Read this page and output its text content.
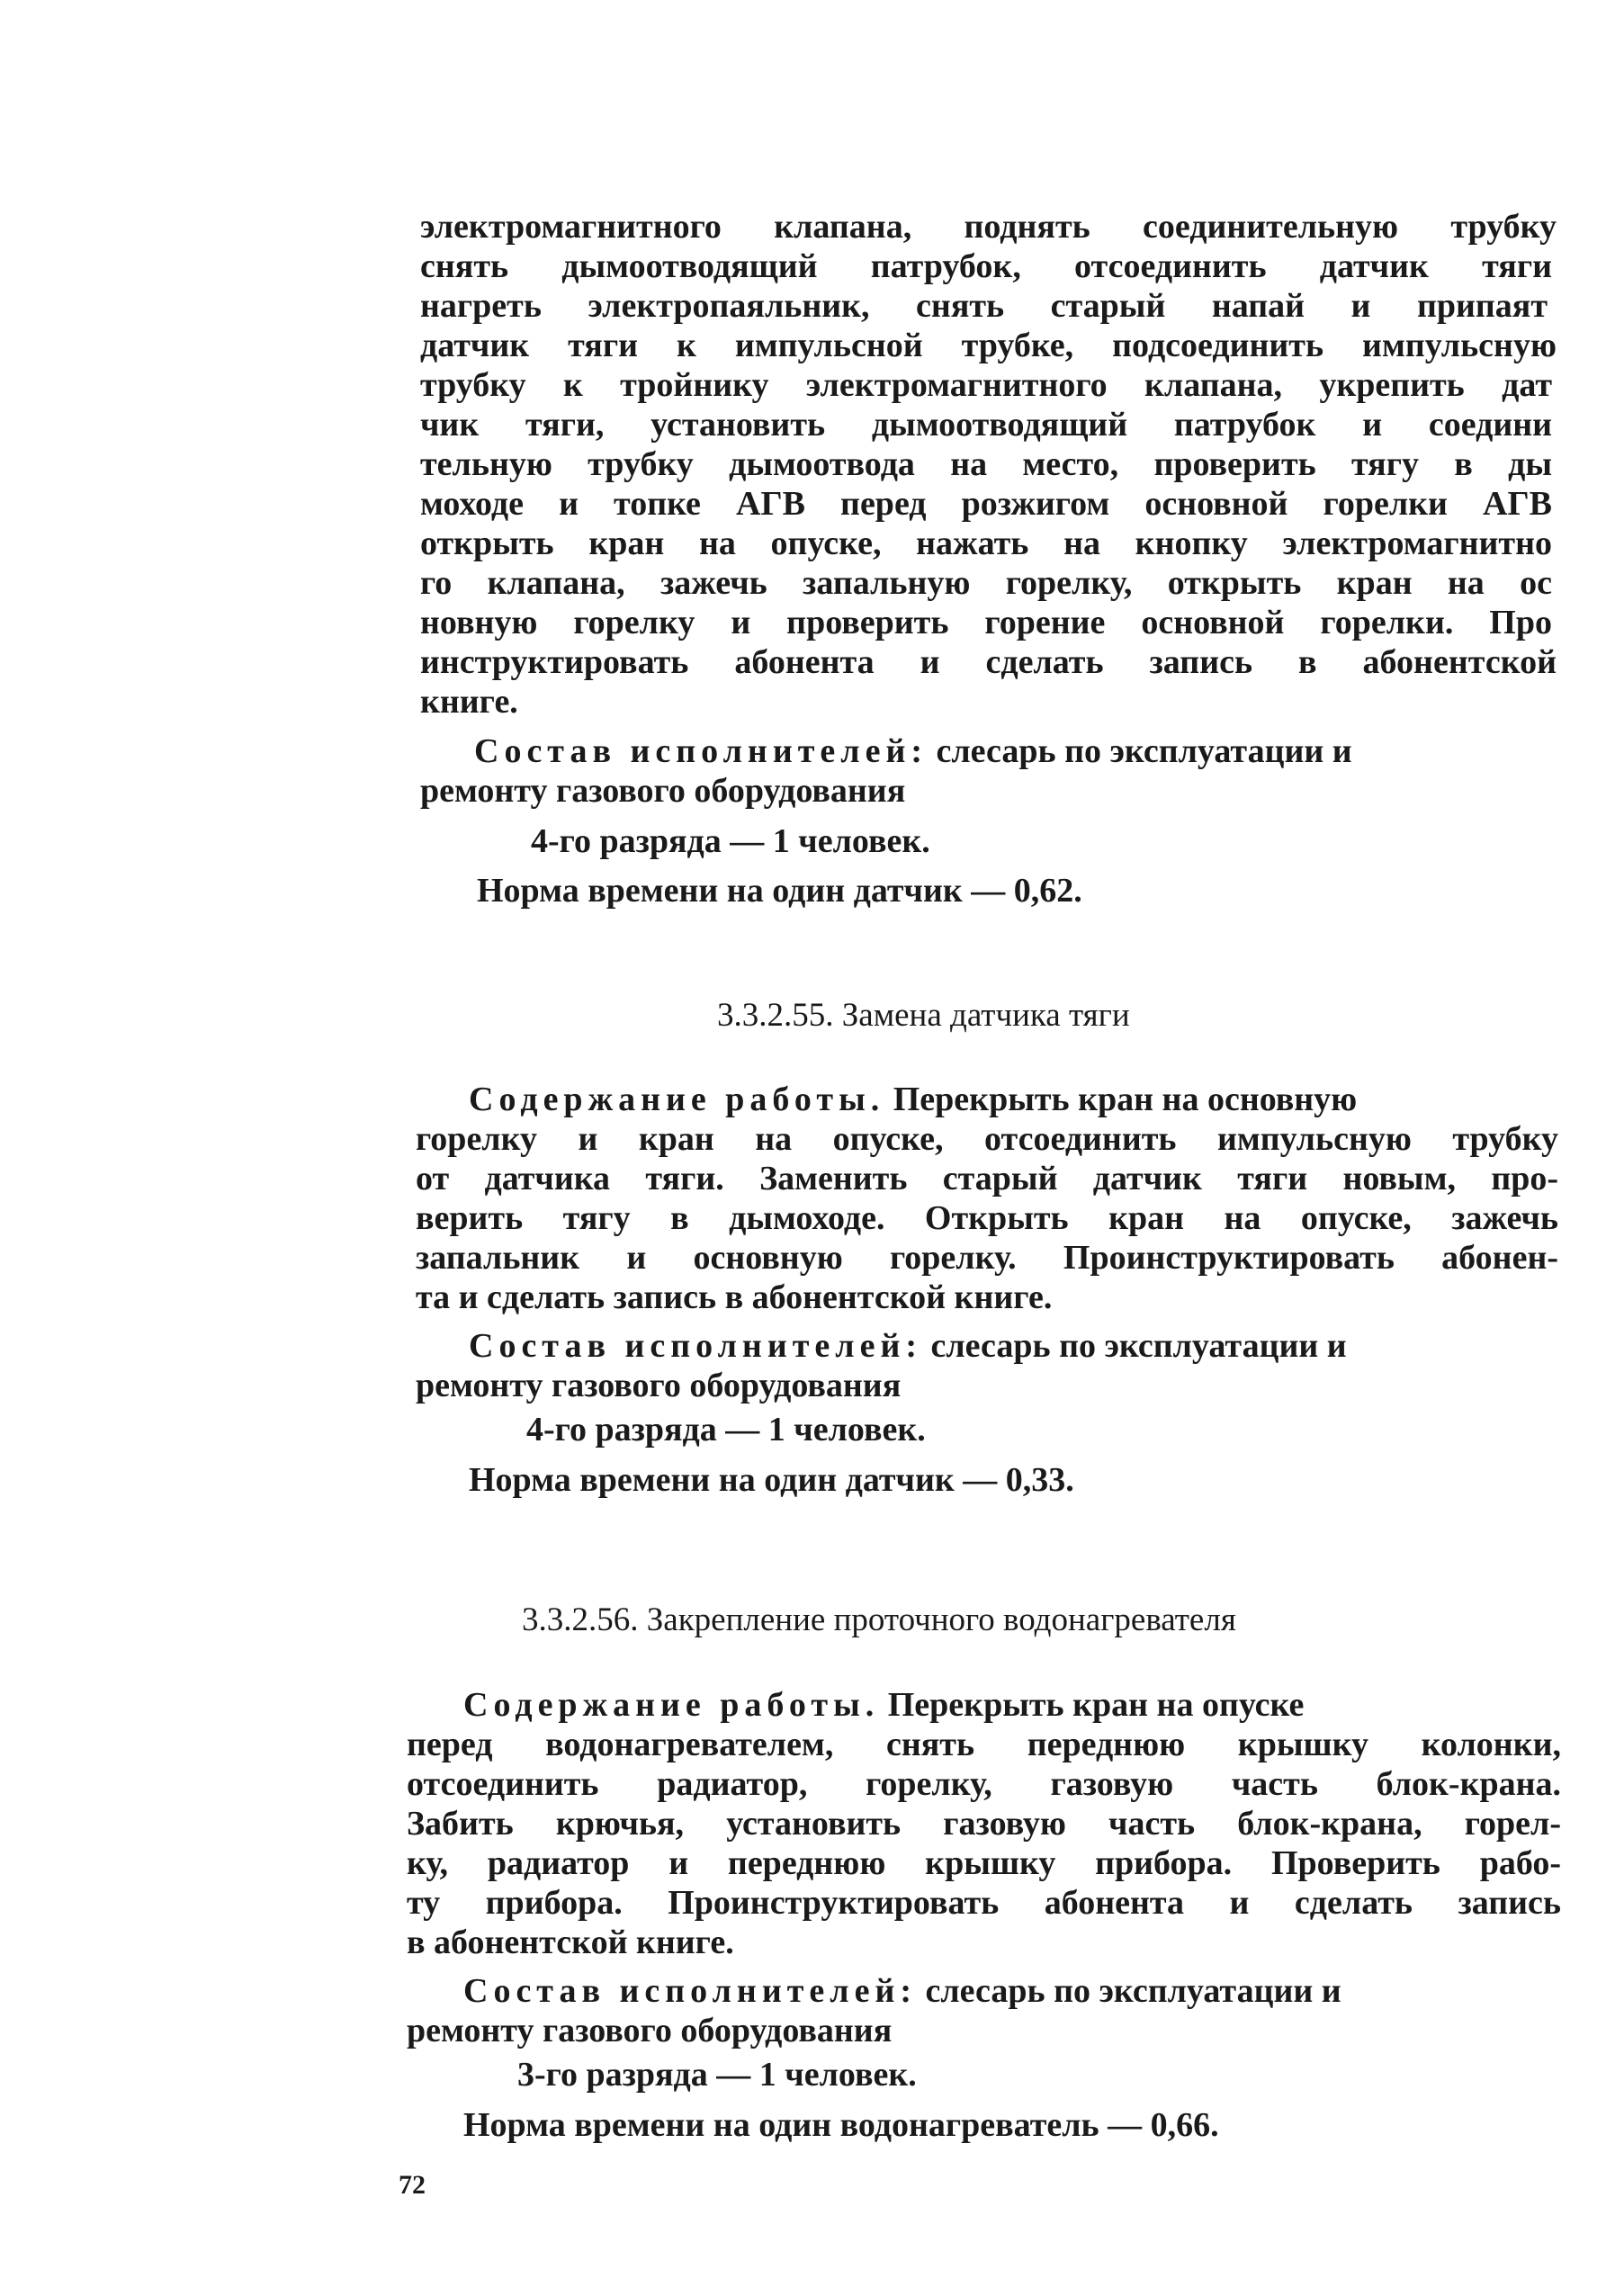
электромагнитного клапана, поднять соединительную трубку
снять дымоотводящий патрубок, отсоединить датчик тяги
нагреть электропаяльник, снять старый напай и припаят
датчик тяги к импульсной трубке, подсоединить импульсную
трубку к тройнику электромагнитного клапана, укрепить дат
чик тяги, установить дымоотводящий патрубок и соедини
тельную трубку дымоотвода на место, проверить тягу в ды
моходе и топке АГВ перед розжигом основной горелки АГВ
открыть кран на опуске, нажать на кнопку электромагнитно
го клапана, зажечь запальную горелку, открыть кран на ос
новную горелку и проверить горение основной горелки. Про
инструктировать абонента и сделать запись в абонентской
книге.
Состав исполнителей: слесарь по эксплуатации и
ремонту газового оборудования
4-го разряда — 1 человек.
Норма времени на один датчик — 0,62.
3.3.2.55. Замена датчика тяги
Содержание работы. Перекрыть кран на основную
горелку и кран на опуске, отсоединить импульсную трубку
от датчика тяги. Заменить старый датчик тяги новым, про-
верить тягу в дымоходе. Открыть кран на опуске, зажечь
запальник и основную горелку. Проинструктировать абонен-
та и сделать запись в абонентской книге.
Состав исполнителей: слесарь по эксплуатации и
ремонту газового оборудования
4-го разряда — 1 человек.
Норма времени на один датчик — 0,33.
3.3.2.56. Закрепление проточного водонагревателя
Содержание работы. Перекрыть кран на опуске
перед водонагревателем, снять переднюю крышку колонки,
отсоединить радиатор, горелку, газовую часть блок-крана.
Забить крючья, установить газовую часть блок-крана, горел-
ку, радиатор и переднюю крышку прибора. Проверить рабо-
ту прибора. Проинструктировать абонента и сделать запись
в абонентской книге.
Состав исполнителей: слесарь по эксплуатации и
ремонту газового оборудования
3-го разряда — 1 человек.
Норма времени на один водонагреватель — 0,66.
72
